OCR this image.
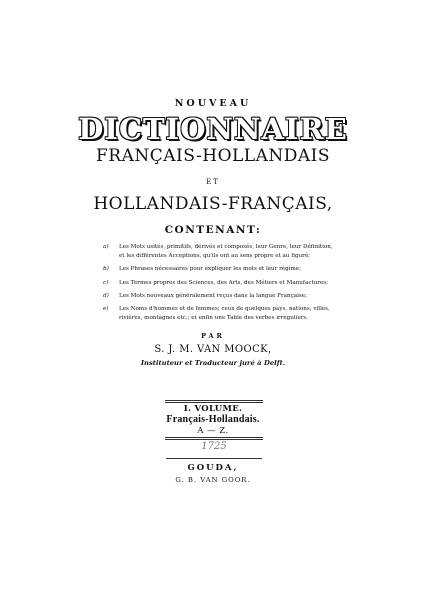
NOUVEAU
DICTIONNAIRE
FRANÇAIS-HOLLANDAIS
ET
HOLLANDAIS-FRANÇAIS,
CONTENANT:
a) Les Mots usités, primitifs, dérivés et composés, leur Genre, leur Définition, et les différentes Acceptions, qu'ils ont au sens propre et au figuré;
b) Les Phrases nécessaires pour expliquer les mots et leur régime;
c) Les Termes propres des Sciences, des Arts, des Métiers et Manufactures;
d) Les Mots nouveaux généralement reçus dans la langue Française;
e) Les Noms d'hommes et de femmes; ceux de quelques pays, nations, villes, rivières, montagnes etc.; et enfin une Table des verbes irreguliers.
PAR
S. J. M. VAN MOOCK,
Instituteur et Traducteur juré à Delft.
I. VOLUME.
Français-Hollandais.
A — Z.
1725
GOUDA,
G. B. VAN GOOR.
